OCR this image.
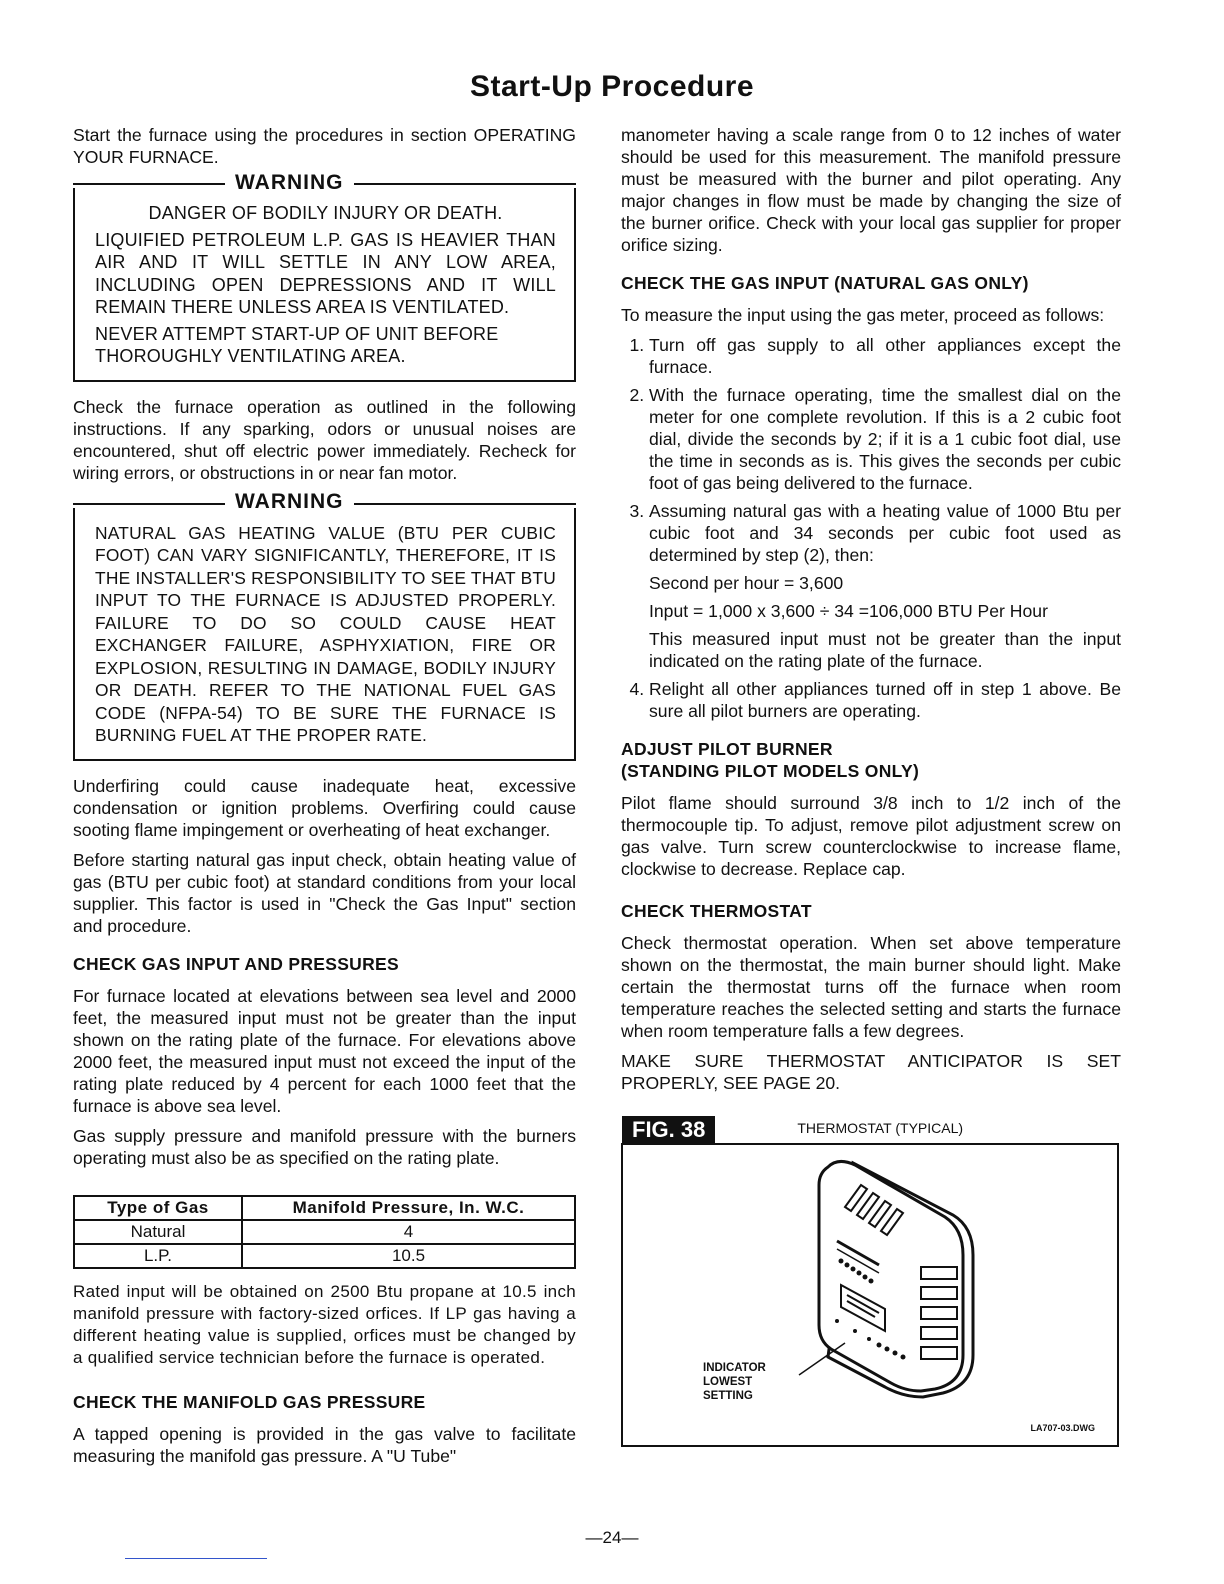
Start-Up Procedure

Start the furnace using the procedures in section OPERATING YOUR FURNACE.

WARNING

DANGER OF BODILY INJURY OR DEATH.

LIQUIFIED PETROLEUM L.P. GAS IS HEAVIER THAN AIR AND IT WILL SETTLE IN ANY LOW AREA, INCLUDING OPEN DEPRESSIONS AND IT WILL REMAIN THERE UNLESS AREA IS VENTILATED.

NEVER ATTEMPT START-UP OF UNIT BEFORE THOROUGHLY VENTILATING AREA.

Check the furnace operation as outlined in the following instructions. If any sparking, odors or unusual noises are encountered, shut off electric power immediately. Recheck for wiring errors, or obstructions in or near fan motor.

WARNING

NATURAL GAS HEATING VALUE (BTU PER CUBIC FOOT) CAN VARY SIGNIFICANTLY, THEREFORE, IT IS THE INSTALLER'S RESPONSIBILITY TO SEE THAT BTU INPUT TO THE FURNACE IS ADJUSTED PROPERLY. FAILURE TO DO SO COULD CAUSE HEAT EXCHANGER FAILURE, ASPHYXIATION, FIRE OR EXPLOSION, RESULTING IN DAMAGE, BODILY INJURY OR DEATH. REFER TO THE NATIONAL FUEL GAS CODE (NFPA-54) TO BE SURE THE FURNACE IS BURNING FUEL AT THE PROPER RATE.

Underfiring could cause inadequate heat, excessive condensation or ignition problems. Overfiring could cause sooting flame impingement or overheating of heat exchanger.

Before starting natural gas input check, obtain heating value of gas (BTU per cubic foot) at standard conditions from your local supplier. This factor is used in "Check the Gas Input" section and procedure.

CHECK GAS INPUT AND PRESSURES

For furnace located at elevations between sea level and 2000 feet, the measured input must not be greater than the input shown on the rating plate of the furnace. For elevations above 2000 feet, the measured input must not exceed the input of the rating plate reduced by 4 percent for each 1000 feet that the furnace is above sea level.

Gas supply pressure and manifold pressure with the burners operating must also be as specified on the rating plate.

Type of Gas	Manifold Pressure, In. W.C.
Natural	4
L.P.	10.5

Rated input will be obtained on 2500 Btu propane at 10.5 inch manifold pressure with factory-sized orfices. If LP gas having a different heating value is supplied, orfices must be changed by a qualified service technician before the furnace is operated.

CHECK THE MANIFOLD GAS PRESSURE

A tapped opening is provided in the gas valve to facilitate measuring the manifold gas pressure. A "U Tube"

manometer having a scale range from 0 to 12 inches of water should be used for this measurement. The manifold pressure must be measured with the burner and pilot operating. Any major changes in flow must be made by changing the size of the burner orifice. Check with your local gas supplier for proper orifice sizing.

CHECK THE GAS INPUT (NATURAL GAS ONLY)

To measure the input using the gas meter, proceed as follows:

1. Turn off gas supply to all other appliances except the furnace.
2. With the furnace operating, time the smallest dial on the meter for one complete revolution. If this is a 2 cubic foot dial, divide the seconds by 2; if it is a 1 cubic foot dial, use the time in seconds as is. This gives the seconds per cubic foot of gas being delivered to the furnace.
3. Assuming natural gas with a heating value of 1000 Btu per cubic foot and 34 seconds per cubic foot used as determined by step (2), then:

Second per hour = 3,600

Input = 1,000 x 3,600 ÷ 34 =106,000 BTU Per Hour

This measured input must not be greater than the input indicated on the rating plate of the furnace.

4. Relight all other appliances turned off in step 1 above. Be sure all pilot burners are operating.
ADJUST PILOT BURNER
(STANDING PILOT MODELS ONLY)

Pilot flame should surround 3/8 inch to 1/2 inch of the thermocouple tip. To adjust, remove pilot adjustment screw on gas valve. Turn screw counterclockwise to increase flame, clockwise to decrease. Replace cap.

CHECK THERMOSTAT

Check thermostat operation. When set above temperature shown on the thermostat, the main burner should light. Make certain the thermostat turns off the furnace when room temperature reaches the selected setting and starts the furnace when room temperature falls a few degrees.

MAKE SURE THERMOSTAT ANTICIPATOR IS SET PROPERLY, SEE PAGE 20.

FIG. 38	THERMOSTAT (TYPICAL)
INDICATOR
LOWEST
SETTING
LA707-03.DWG
—24—
